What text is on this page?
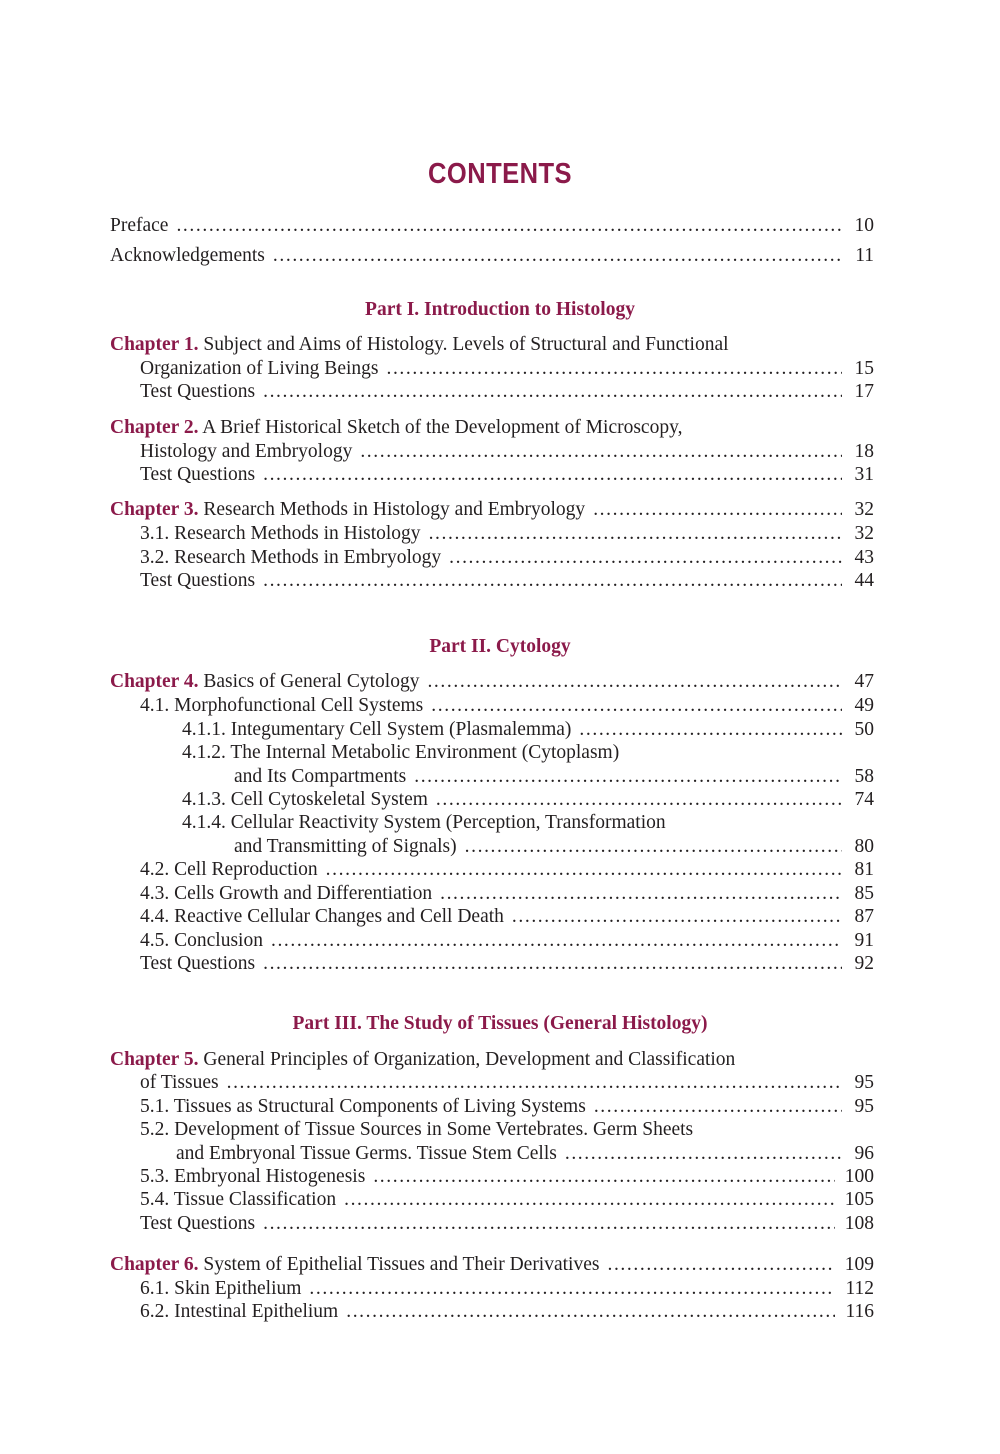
CONTENTS
Preface .....	10
Acknowledgements .....	11
Part I. Introduction to Histology
Chapter 1. Subject and Aims of Histology. Levels of Structural and Functional
Organization of Living Beings .....	15
Test Questions .....	17
Chapter 2. A Brief Historical Sketch of the Development of Microscopy,
Histology and Embryology .....	18
Test Questions .....	31
Chapter 3. Research Methods in Histology and Embryology .....	32
3.1. Research Methods in Histology .....	32
3.2. Research Methods in Embryology .....	43
Test Questions .....	44
Part II. Cytology
Chapter 4. Basics of General Cytology .....	47
4.1. Morphofunctional Cell Systems .....	49
4.1.1. Integumentary Cell System (Plasmalemma) .....	50
4.1.2. The Internal Metabolic Environment (Cytoplasm)
and Its Compartments .....	58
4.1.3. Cell Cytoskeletal System .....	74
4.1.4. Cellular Reactivity System (Perception, Transformation
and Transmitting of Signals) .....	80
4.2. Cell Reproduction .....	81
4.3. Cells Growth and Differentiation .....	85
4.4. Reactive Cellular Changes and Cell Death .....	87
4.5. Conclusion .....	91
Test Questions .....	92
Part III. The Study of Tissues (General Histology)
Chapter 5. General Principles of Organization, Development and Classification
of Tissues .....	95
5.1. Tissues as Structural Components of Living Systems .....	95
5.2. Development of Tissue Sources in Some Vertebrates. Germ Sheets
and Embryonal Tissue Germs. Tissue Stem Cells .....	96
5.3. Embryonal Histogenesis .....	100
5.4. Tissue Classification .....	105
Test Questions .....	108
Chapter 6. System of Epithelial Tissues and Their Derivatives .....	109
6.1. Skin Epithelium .....	112
6.2. Intestinal Epithelium .....	116
